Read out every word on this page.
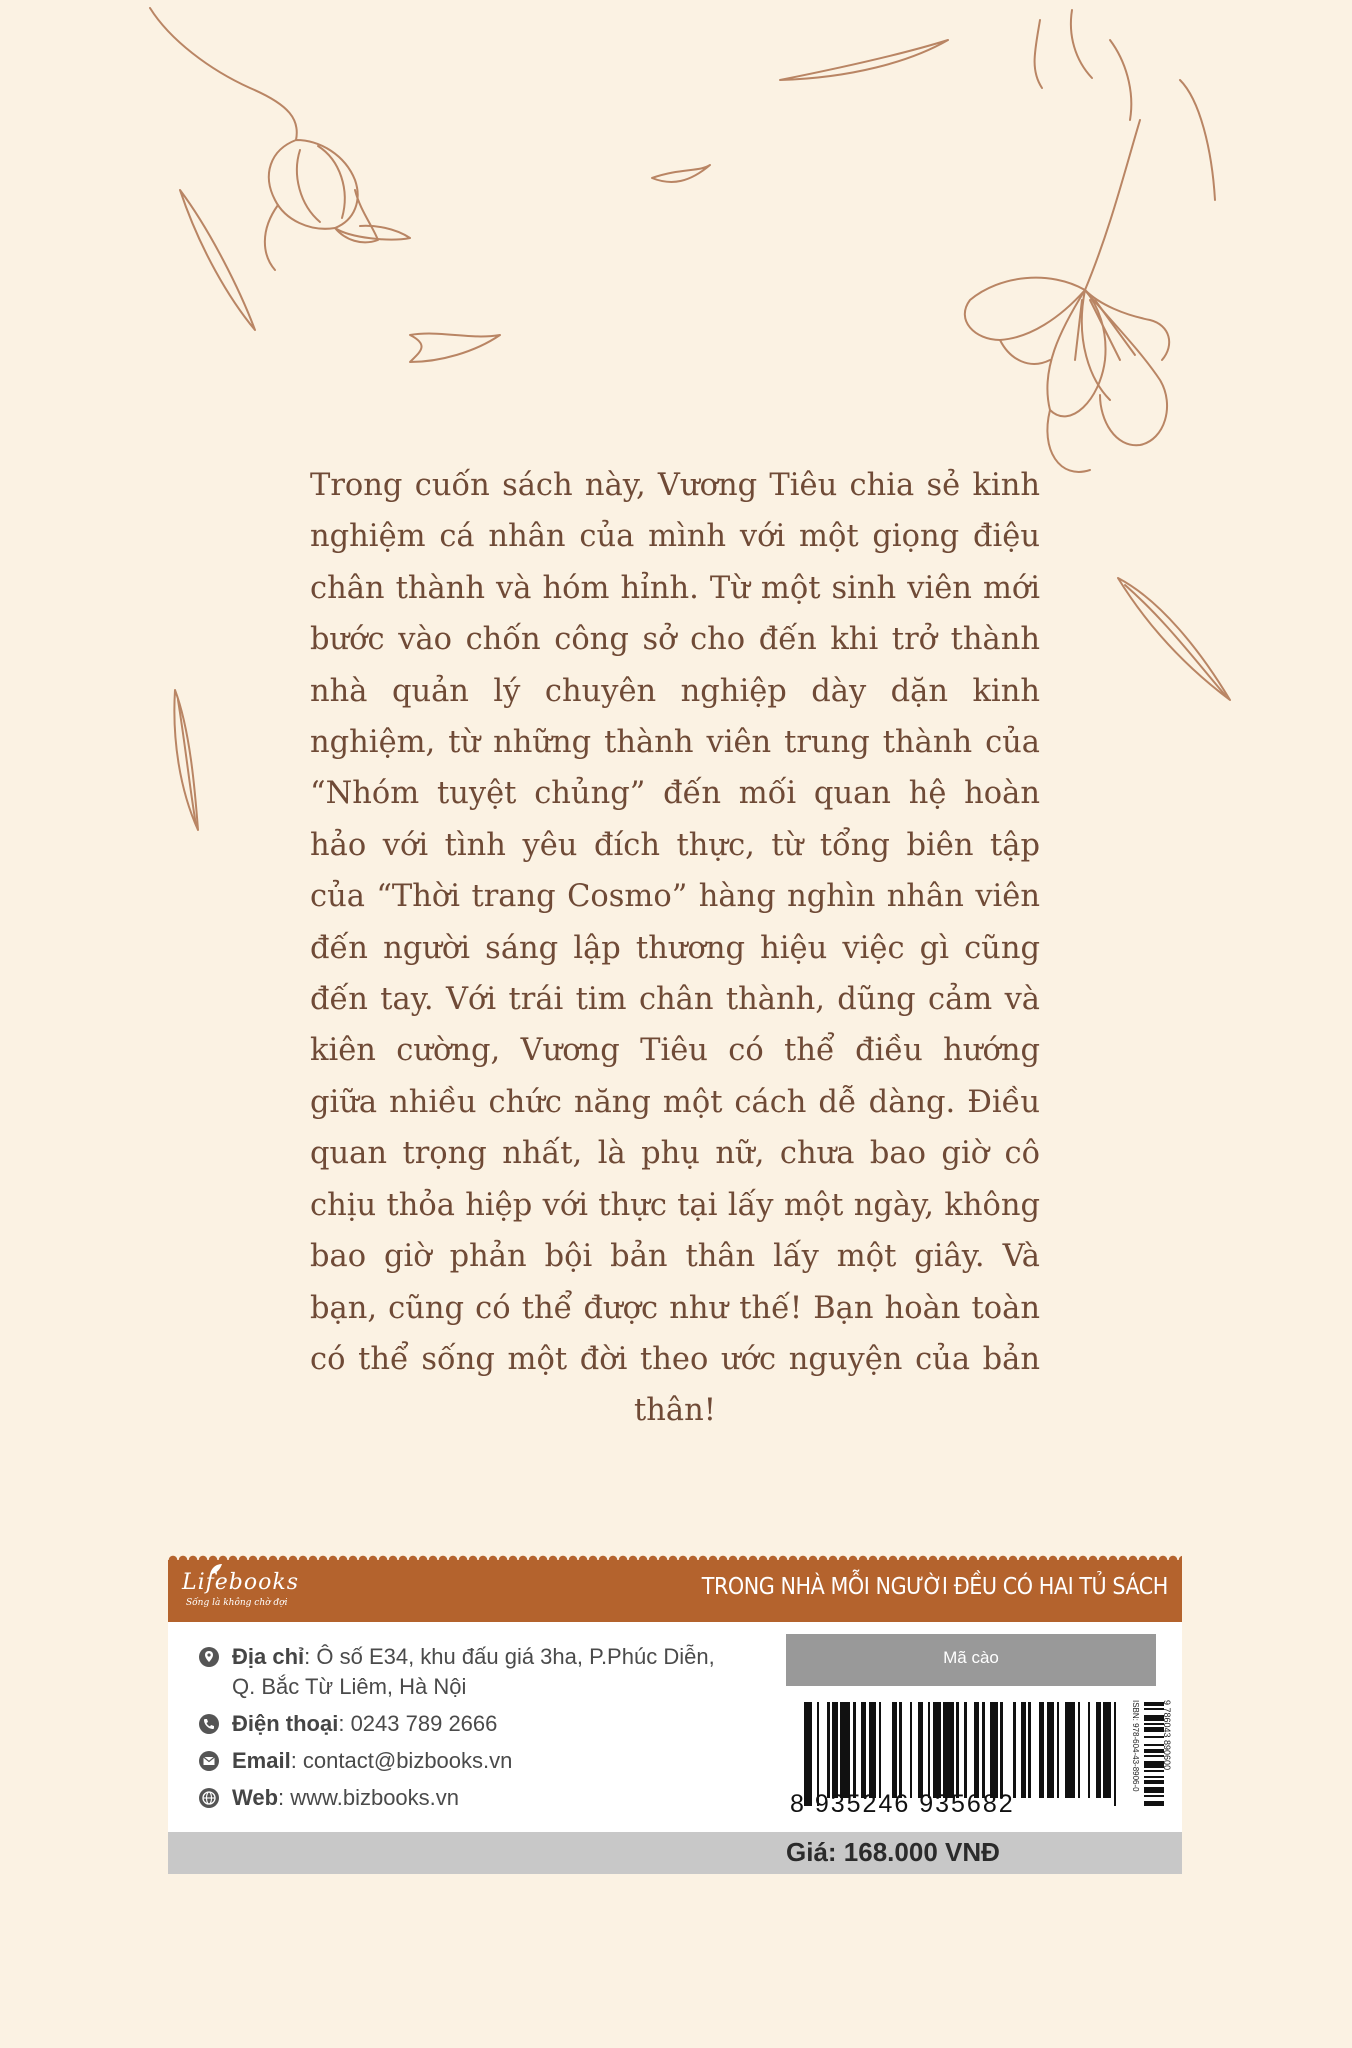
Trong cuốn sách này, Vương Tiêu chia sẻ kinh nghiệm cá nhân của mình với một giọng điệu chân thành và hóm hỉnh. Từ một sinh viên mới bước vào chốn công sở cho đến khi trở thành nhà quản lý chuyên nghiệp dày dặn kinh nghiệm, từ những thành viên trung thành của “Nhóm tuyệt chủng” đến mối quan hệ hoàn hảo với tình yêu đích thực, từ tổng biên tập của “Thời trang Cosmo” hàng nghìn nhân viên đến người sáng lập thương hiệu việc gì cũng đến tay. Với trái tim chân thành, dũng cảm và kiên cường, Vương Tiêu có thể điều hướng giữa nhiều chức năng một cách dễ dàng. Điều quan trọng nhất, là phụ nữ, chưa bao giờ cô chịu thỏa hiệp với thực tại lấy một ngày, không bao giờ phản bội bản thân lấy một giây. Và bạn, cũng có thể được như thế! Bạn hoàn toàn có thể sống một đời theo ước nguyện của bản thân!

Lifebooks
Sống là không chờ đợi
TRONG NHÀ MỖI NGƯỜI ĐỀU CÓ HAI TỦ SÁCH
Địa chỉ: Ô số E34, khu đấu giá 3ha, P.Phúc Diễn,
Q. Bắc Từ Liêm, Hà Nội
Điện thoại: 0243 789 2666
Email: contact@bizbooks.vn
Web: www.bizbooks.vn
Mã cào
8 935246 935682
ISBN: 978-604-43-8906-0 9 786043 890600
Giá: 168.000 VNĐ
